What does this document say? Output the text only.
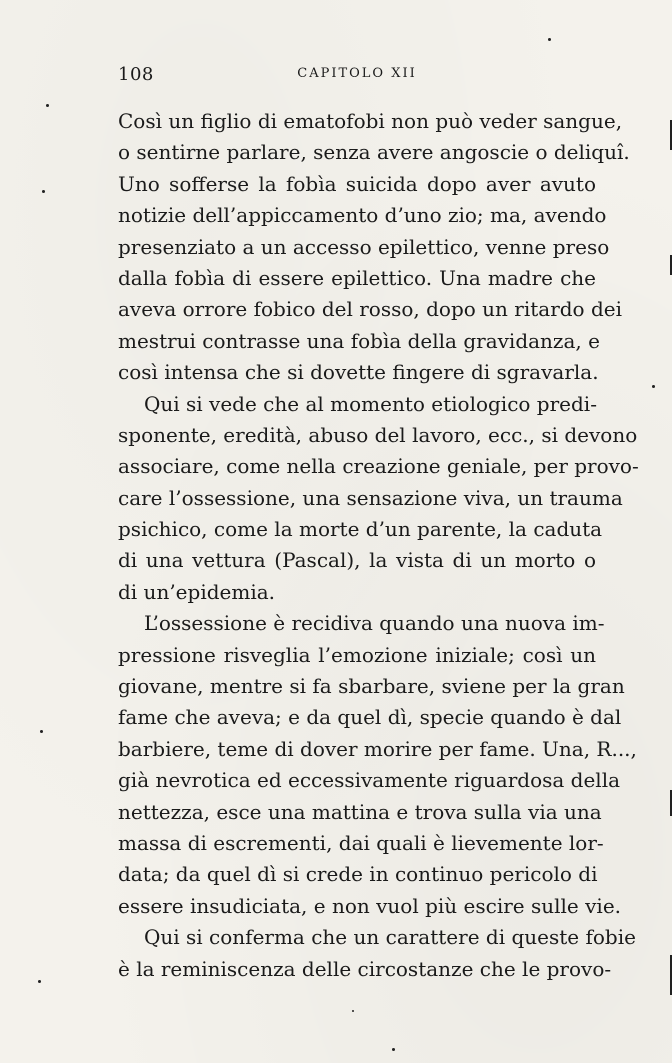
108	CAPITOLO XII
Così un figlio di ematofobi non può veder sangue,
o sentirne parlare, senza avere angoscie o deliquî.
Uno sofferse la fobìa suicida dopo aver avuto
notizie dell’appiccamento d’uno zio; ma, avendo
presenziato a un accesso epilettico, venne preso
dalla fobìa di essere epilettico. Una madre che
aveva orrore fobico del rosso, dopo un ritardo dei
mestrui contrasse una fobìa della gravidanza, e
così intensa che si dovette fingere di sgravarla.
Qui si vede che al momento etiologico predi-
sponente, eredità, abuso del lavoro, ecc., si devono
associare, come nella creazione geniale, per provo-
care l’ossessione, una sensazione viva, un trauma
psichico, come la morte d’un parente, la caduta
di una vettura (Pascal), la vista di un morto o
di un’epidemia.
L’ossessione è recidiva quando una nuova im-
pressione risveglia l’emozione iniziale; così un
giovane, mentre si fa sbarbare, sviene per la gran
fame che aveva; e da quel dì, specie quando è dal
barbiere, teme di dover morire per fame. Una, R...,
già nevrotica ed eccessivamente riguardosa della
nettezza, esce una mattina e trova sulla via una
massa di escrementi, dai quali è lievemente lor-
data; da quel dì si crede in continuo pericolo di
essere insudiciata, e non vuol più escire sulle vie.
Qui si conferma che un carattere di queste fobie
è la reminiscenza delle circostanze che le provo-
